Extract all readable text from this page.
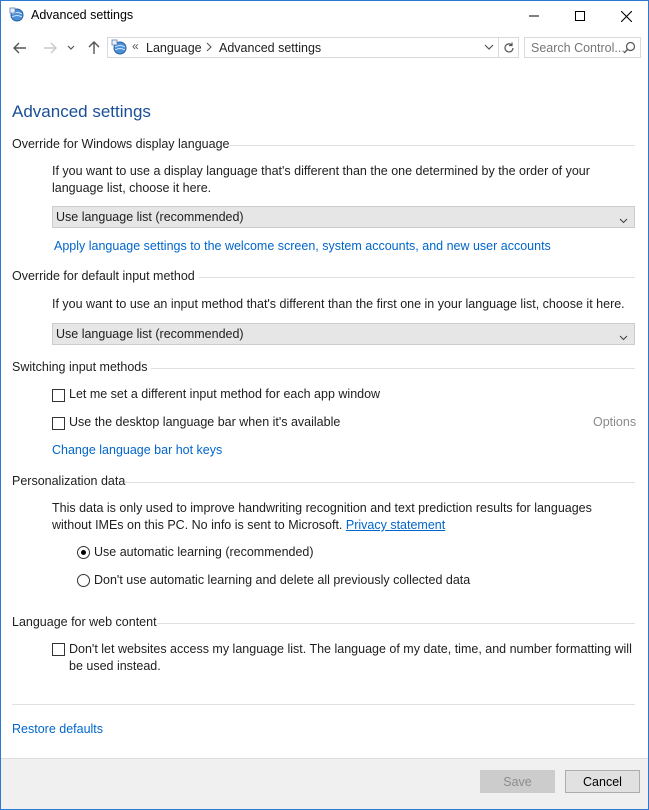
Advanced settings
« Language Advanced settings	Search Control...
Advanced settings
Override for Windows display language
If you want to use a display language that's different than the one determined by the order of your language list, choose it here.
Use language list (recommended)
Apply language settings to the welcome screen, system accounts, and new user accounts
Override for default input method
If you want to use an input method that's different than the first one in your language list, choose it here.
Use language list (recommended)
Switching input methods
Let me set a different input method for each app window
Use the desktop language bar when it's available	Options
Change language bar hot keys
Personalization data
This data is only used to improve handwriting recognition and text prediction results for languages without IMEs on this PC. No info is sent to Microsoft. Privacy statement
Use automatic learning (recommended)
Don't use automatic learning and delete all previously collected data
Language for web content
Don't let websites access my language list. The language of my date, time, and number formatting will be used instead.
Restore defaults
Save	Cancel
